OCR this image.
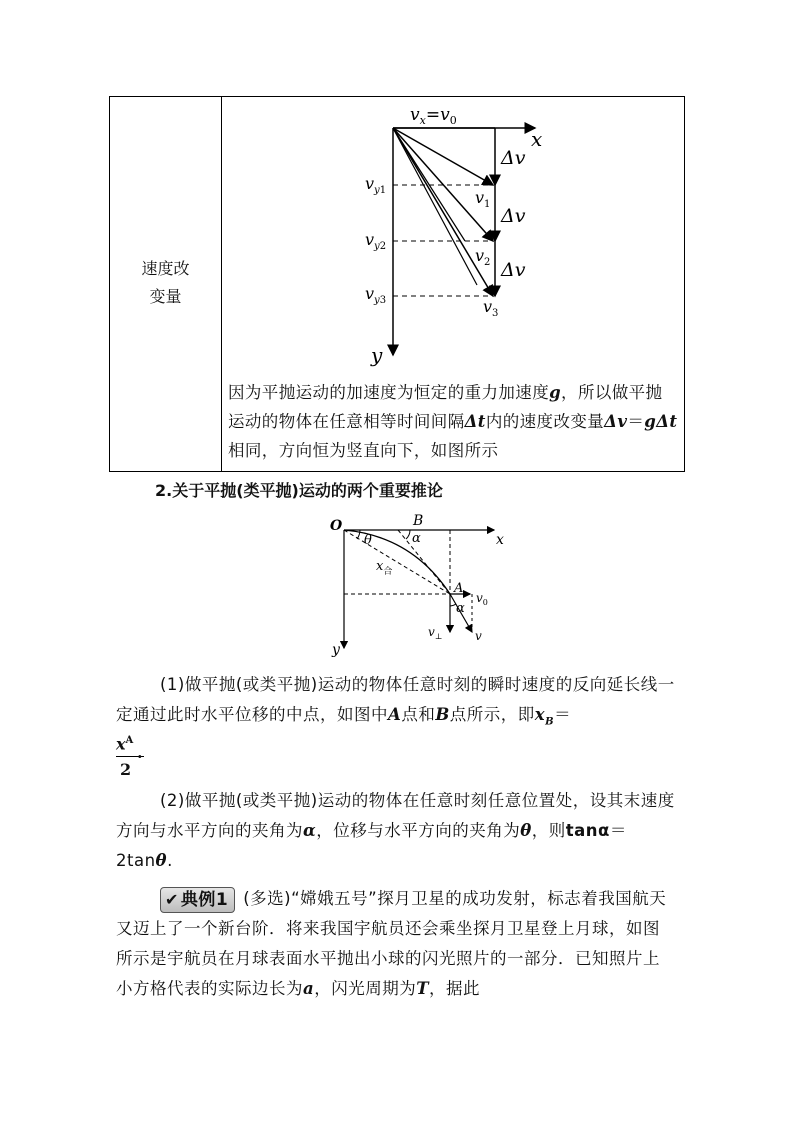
速度改
变量
$v_x=v_0$
x
y
Δv
Δv
Δv
$v_y1$
$v_y2$
$v_y3$
$v_1$
$v_2$
$v_3$
因为平抛运动的加速度为恒定的重力加速度g，所以做平抛运动的物体在任意相等时间间隔Δt内的速度改变量Δv＝gΔt相同，方向恒为竖直向下，如图所示
2.关于平抛(类平抛)运动的两个重要推论
O	B
x
y
θ	α
$x_合$
A
α
$v_0$
$v_\perp$	v
(1)做平抛(或类平抛)运动的物体任意时刻的瞬时速度的反向延长线一定通过此时水平位移的中点，如图中A点和B点所示，即$x_B=$
$\frac{x^A}{2}$
.
(2)做平抛(或类平抛)运动的物体在任意时刻任意位置处，设其末速度方向与水平方向的夹角为α，位移与水平方向的夹角为θ，则tanα＝2tanθ.
✔ 典例1 (多选)“嫦娥五号”探月卫星的成功发射，标志着我国航天又迈上了一个新台阶．将来我国宇航员还会乘坐探月卫星登上月球，如图所示是宇航员在月球表面水平抛出小球的闪光照片的一部分．已知照片上小方格代表的实际边长为a，闪光周期为T，据此
